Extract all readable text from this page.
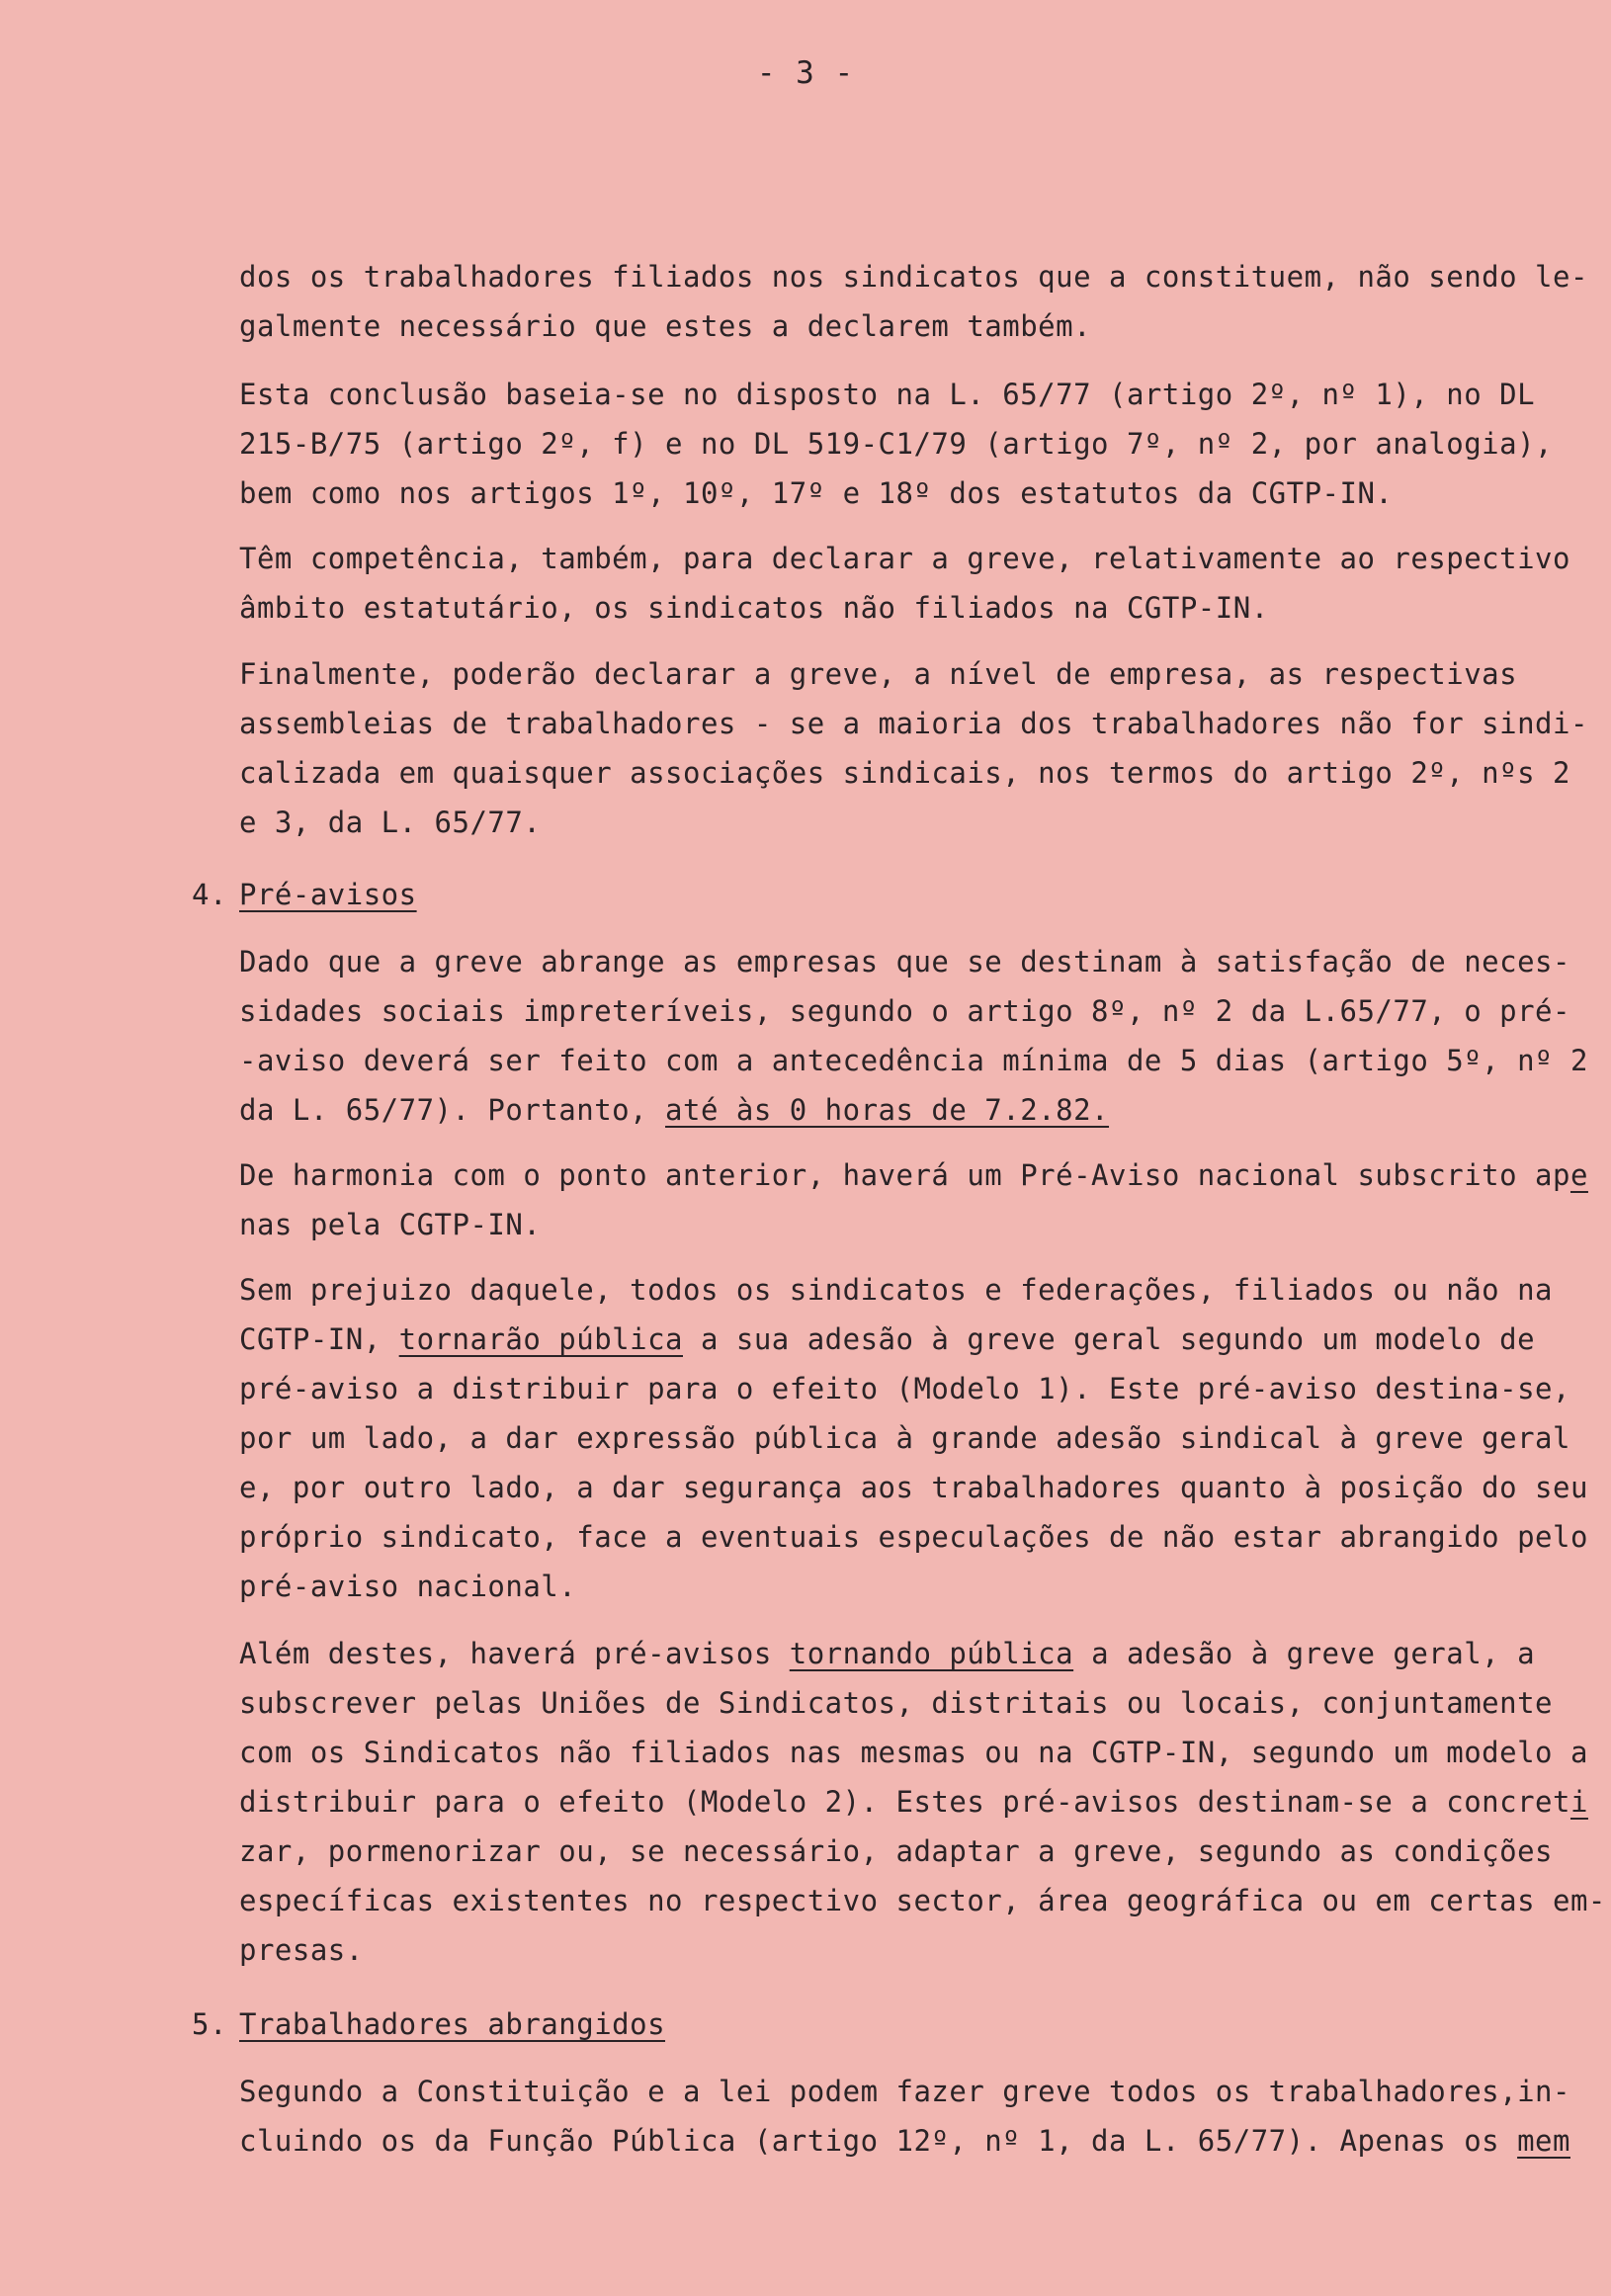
- 3 -
dos os trabalhadores filiados nos sindicatos que a constituem, não sendo le-
galmente necessário que estes a declarem também.
Esta conclusão baseia-se no disposto na L. 65/77 (artigo 2º, nº 1), no DL
215-B/75 (artigo 2º, f) e no DL 519-C1/79 (artigo 7º, nº 2, por analogia),
bem como nos artigos 1º, 10º, 17º e 18º dos estatutos da CGTP-IN.
Têm competência, também, para declarar a greve, relativamente ao respectivo
âmbito estatutário, os sindicatos não filiados na CGTP-IN.
Finalmente, poderão declarar a greve, a nível de empresa, as respectivas
assembleias de trabalhadores - se a maioria dos trabalhadores não for sindi-
calizada em quaisquer associações sindicais, nos termos do artigo 2º, nºs 2
e 3, da L. 65/77.
4. Pré-avisos
Dado que a greve abrange as empresas que se destinam à satisfação de neces-
sidades sociais impreteríveis, segundo o artigo 8º, nº 2 da L.65/77, o pré-
-aviso deverá ser feito com a antecedência mínima de 5 dias (artigo 5º, nº 2
da L. 65/77). Portanto, até às 0 horas de 7.2.82.
De harmonia com o ponto anterior, haverá um Pré-Aviso nacional subscrito ape
nas pela CGTP-IN.
Sem prejuizo daquele, todos os sindicatos e federações, filiados ou não na
CGTP-IN, tornarão pública a sua adesão à greve geral segundo um modelo de
pré-aviso a distribuir para o efeito (Modelo 1). Este pré-aviso destina-se,
por um lado, a dar expressão pública à grande adesão sindical à greve geral
e, por outro lado, a dar segurança aos trabalhadores quanto à posição do seu
próprio sindicato, face a eventuais especulações de não estar abrangido pelo
pré-aviso nacional.
Além destes, haverá pré-avisos tornando pública a adesão à greve geral, a
subscrever pelas Uniões de Sindicatos, distritais ou locais, conjuntamente
com os Sindicatos não filiados nas mesmas ou na CGTP-IN, segundo um modelo a
distribuir para o efeito (Modelo 2). Estes pré-avisos destinam-se a concreti
zar, pormenorizar ou, se necessário, adaptar a greve, segundo as condições
específicas existentes no respectivo sector, área geográfica ou em certas em-
presas.
5. Trabalhadores abrangidos
Segundo a Constituição e a lei podem fazer greve todos os trabalhadores,in-
cluindo os da Função Pública (artigo 12º, nº 1, da L. 65/77). Apenas os mem
